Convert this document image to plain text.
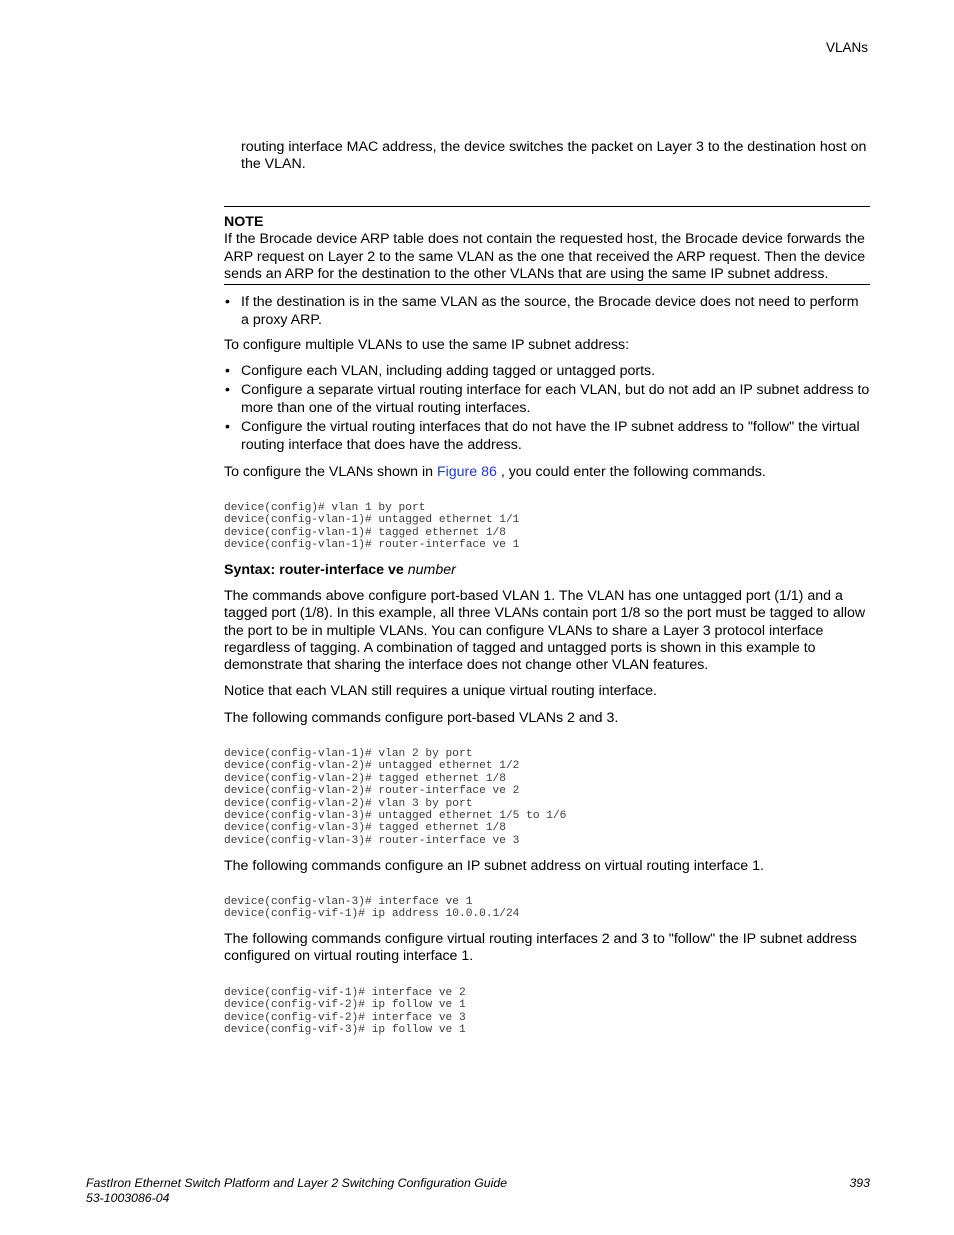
VLANs

routing interface MAC address, the device switches the packet on Layer 3 to the destination host on the VLAN.

NOTE
If the Brocade device ARP table does not contain the requested host, the Brocade device forwards the ARP request on Layer 2 to the same VLAN as the one that received the ARP request. Then the device sends an ARP for the destination to the other VLANs that are using the same IP subnet address.
• If the destination is in the same VLAN as the source, the Brocade device does not need to perform a proxy ARP.

To configure multiple VLANs to use the same IP subnet address:

• Configure each VLAN, including adding tagged or untagged ports.
• Configure a separate virtual routing interface for each VLAN, but do not add an IP subnet address to more than one of the virtual routing interfaces.
• Configure the virtual routing interfaces that do not have the IP subnet address to "follow" the virtual routing interface that does have the address.

To configure the VLANs shown in Figure 86 , you could enter the following commands.

device(config)# vlan 1 by port
device(config-vlan-1)# untagged ethernet 1/1
device(config-vlan-1)# tagged ethernet 1/8
device(config-vlan-1)# router-interface ve 1

Syntax: router-interface ve number

The commands above configure port-based VLAN 1. The VLAN has one untagged port (1/1) and a tagged port (1/8). In this example, all three VLANs contain port 1/8 so the port must be tagged to allow the port to be in multiple VLANs. You can configure VLANs to share a Layer 3 protocol interface regardless of tagging. A combination of tagged and untagged ports is shown in this example to demonstrate that sharing the interface does not change other VLAN features.

Notice that each VLAN still requires a unique virtual routing interface.

The following commands configure port-based VLANs 2 and 3.

device(config-vlan-1)# vlan 2 by port
device(config-vlan-2)# untagged ethernet 1/2
device(config-vlan-2)# tagged ethernet 1/8
device(config-vlan-2)# router-interface ve 2
device(config-vlan-2)# vlan 3 by port
device(config-vlan-3)# untagged ethernet 1/5 to 1/6
device(config-vlan-3)# tagged ethernet 1/8
device(config-vlan-3)# router-interface ve 3

The following commands configure an IP subnet address on virtual routing interface 1.

device(config-vlan-3)# interface ve 1
device(config-vif-1)# ip address 10.0.0.1/24

The following commands configure virtual routing interfaces 2 and 3 to "follow" the IP subnet address configured on virtual routing interface 1.

device(config-vif-1)# interface ve 2
device(config-vif-2)# ip follow ve 1
device(config-vif-2)# interface ve 3
device(config-vif-3)# ip follow ve 1
FastIron Ethernet Switch Platform and Layer 2 Switching Configuration Guide
53-1003086-04
393
